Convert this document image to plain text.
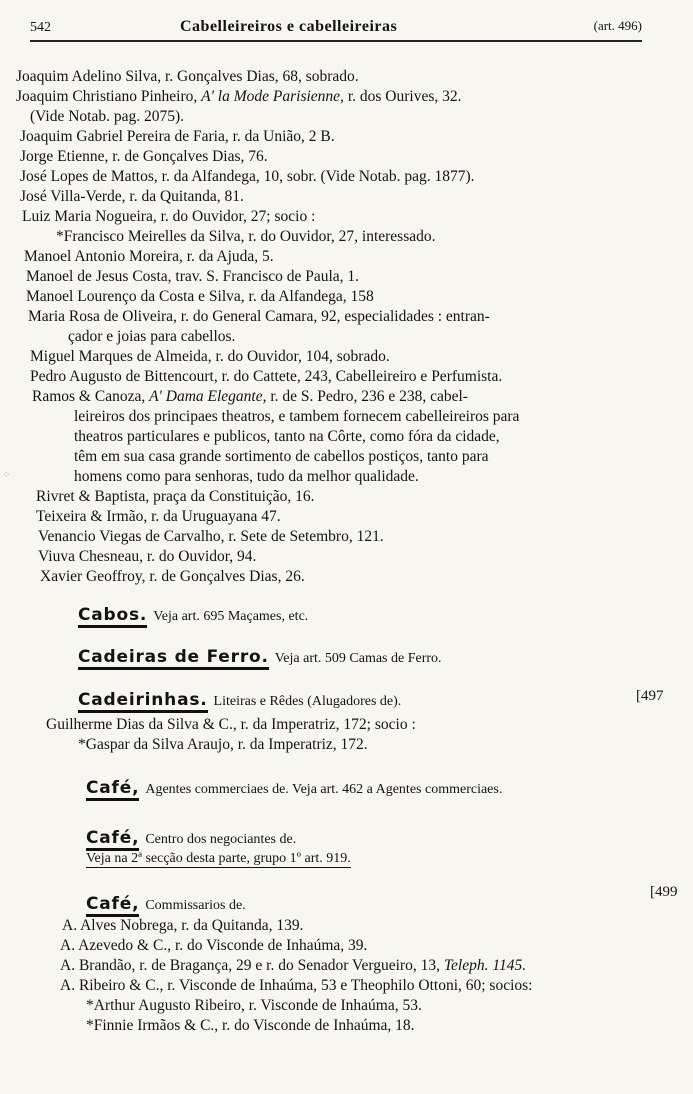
542	Cabelleireiros e cabelleireiras	(art. 496)
Joaquim Adelino Silva, r. Gonçalves Dias, 68, sobrado.
Joaquim Christiano Pinheiro, A' la Mode Parisienne, r. dos Ourives, 32.
(Vide Notab. pag. 2075).
Joaquim Gabriel Pereira de Faria, r. da União, 2 B.
Jorge Etienne, r. de Gonçalves Dias, 76.
José Lopes de Mattos, r. da Alfandega, 10, sobr. (Vide Notab. pag. 1877).
José Villa-Verde, r. da Quitanda, 81.
Luiz Maria Nogueira, r. do Ouvidor, 27; socio :
*Francisco Meirelles da Silva, r. do Ouvidor, 27, interessado.
Manoel Antonio Moreira, r. da Ajuda, 5.
Manoel de Jesus Costa, trav. S. Francisco de Paula, 1.
Manoel Lourenço da Costa e Silva, r. da Alfandega, 158
Maria Rosa de Oliveira, r. do General Camara, 92, especialidades : entran-
çador e joias para cabellos.
Miguel Marques de Almeida, r. do Ouvidor, 104, sobrado.
Pedro Augusto de Bittencourt, r. do Cattete, 243, Cabelleireiro e Perfumista.
Ramos & Canoza, A' Dama Elegante, r. de S. Pedro, 236 e 238, cabel-
leireiros dos principaes theatros, e tambem fornecem cabelleireiros para
theatros particulares e publicos, tanto na Côrte, como fóra da cidade,
têm em sua casa grande sortimento de cabellos postiços, tanto para
homens como para senhoras, tudo da melhor qualidade.
Rivret & Baptista, praça da Constituição, 16.
Teixeira & Irmão, r. da Uruguayana 47.
Venancio Viegas de Carvalho, r. Sete de Setembro, 121.
Viuva Chesneau, r. do Ouvidor, 94.
Xavier Geoffroy, r. de Gonçalves Dias, 26.
Cabos. Veja art. 695 Maçames, etc.
Cadeiras de Ferro. Veja art. 509 Camas de Ferro.
Cadeirinhas. Liteiras e Rêdes (Alugadores de).	[497
Guilherme Dias da Silva & C., r. da Imperatriz, 172; socio :
*Gaspar da Silva Araujo, r. da Imperatriz, 172.
Café, Agentes commerciaes de. Veja art. 462 a Agentes commerciaes.
Café, Centro dos negociantes de.
Veja na 2ª secção desta parte, grupo 1º art. 919.
Café, Commissarios de.
[499
A. Alves Nobrega, r. da Quitanda, 139.
A. Azevedo & C., r. do Visconde de Inhaúma, 39.
A. Brandão, r. de Bragança, 29 e r. do Senador Vergueiro, 13, Teleph. 1145.
A. Ribeiro & C., r. Visconde de Inhaúma, 53 e Theophilo Ottoni, 60; socios:
*Arthur Augusto Ribeiro, r. Visconde de Inhaúma, 53.
*Finnie Irmãos & C., r. do Visconde de Inhaúma, 18.
⁘
